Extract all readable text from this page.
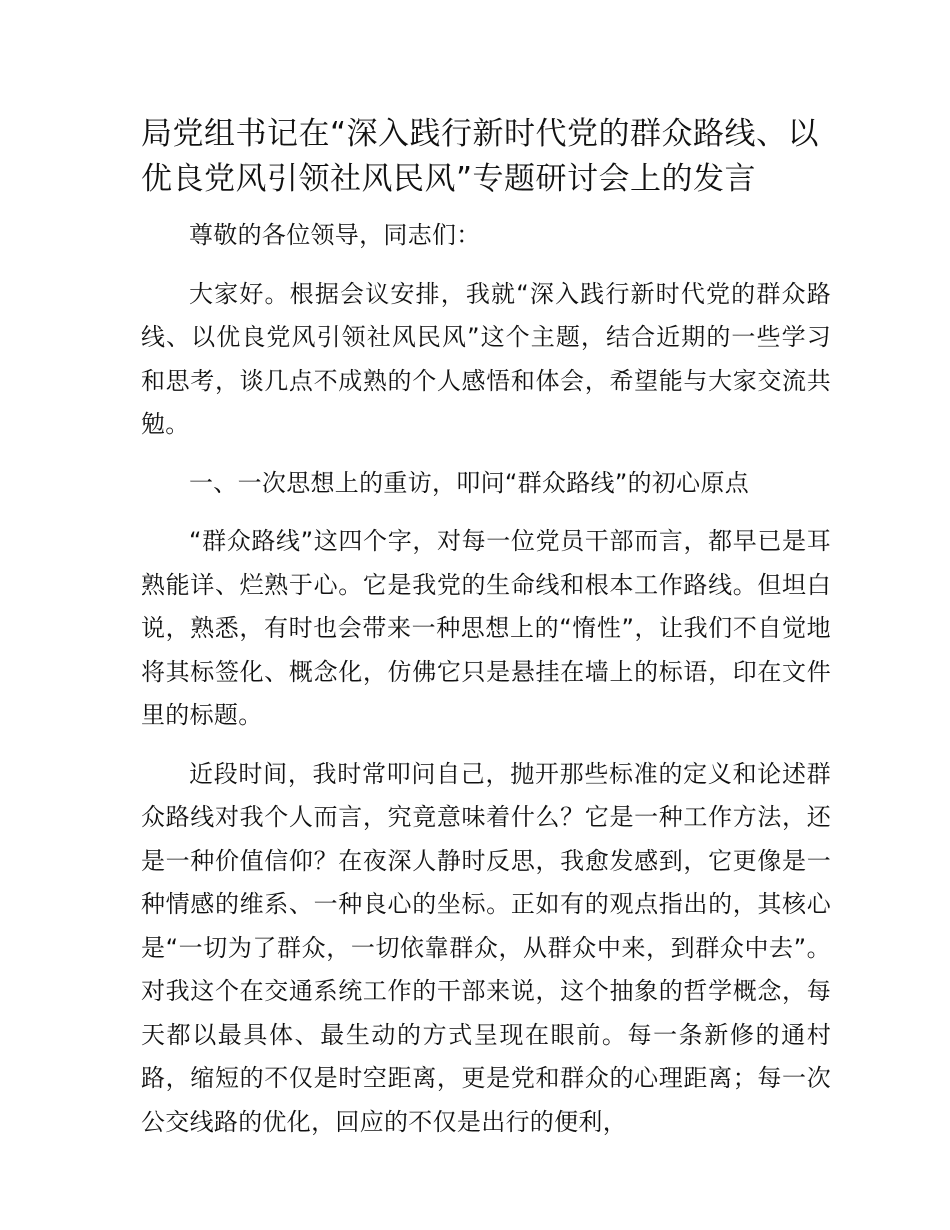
局党组书记在“深入践行新时代党的群众路线、以优良党风引领社风民风”专题研讨会上的发言

尊敬的各位领导，同志们：

大家好。根据会议安排，我就“深入践行新时代党的群众路线、以优良党风引领社风民风”这个主题，结合近期的一些学习和思考，谈几点不成熟的个人感悟和体会，希望能与大家交流共勉。

一、一次思想上的重访，叩问“群众路线”的初心原点

“群众路线”这四个字，对每一位党员干部而言，都早已是耳熟能详、烂熟于心。它是我党的生命线和根本工作路线。但坦白说，熟悉，有时也会带来一种思想上的“惰性”，让我们不自觉地将其标签化、概念化，仿佛它只是悬挂在墙上的标语，印在文件里的标题。

近段时间，我时常叩问自己，抛开那些标准的定义和论述群众路线对我个人而言，究竟意味着什么？它是一种工作方法，还是一种价值信仰？在夜深人静时反思，我愈发感到，它更像是一种情感的维系、一种良心的坐标。正如有的观点指出的，其核心是“一切为了群众，一切依靠群众，从群众中来，到群众中去”。对我这个在交通系统工作的干部来说，这个抽象的哲学概念，每天都以最具体、最生动的方式呈现在眼前。每一条新修的通村路，缩短的不仅是时空距离，更是党和群众的心理距离；每一次公交线路的优化，回应的不仅是出行的便利，
